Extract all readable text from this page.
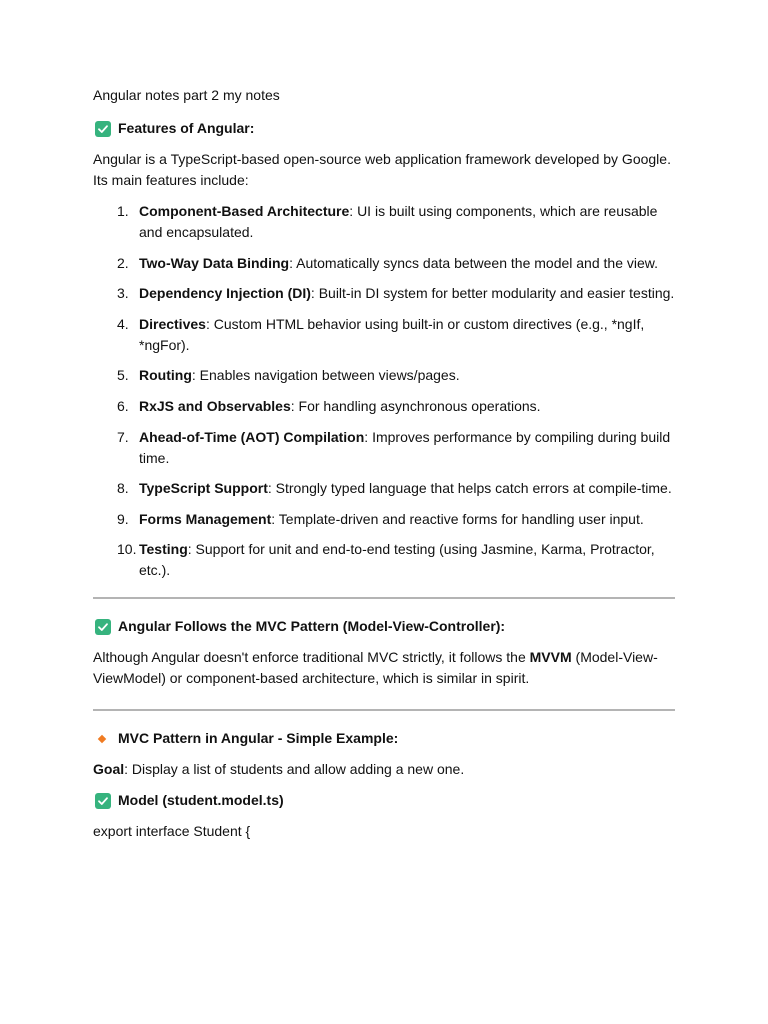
Angular notes part 2 my notes

Features of Angular:

Angular is a TypeScript-based open-source web application framework developed by Google. Its main features include:

1. Component-Based Architecture: UI is built using components, which are reusable and encapsulated.
2. Two-Way Data Binding: Automatically syncs data between the model and the view.
3. Dependency Injection (DI): Built-in DI system for better modularity and easier testing.
4. Directives: Custom HTML behavior using built-in or custom directives (e.g., *ngIf, *ngFor).
5. Routing: Enables navigation between views/pages.
6. RxJS and Observables: For handling asynchronous operations.
7. Ahead-of-Time (AOT) Compilation: Improves performance by compiling during build time.
8. TypeScript Support: Strongly typed language that helps catch errors at compile-time.
9. Forms Management: Template-driven and reactive forms for handling user input.
10. Testing: Support for unit and end-to-end testing (using Jasmine, Karma, Protractor, etc.).
Angular Follows the MVC Pattern (Model-View-Controller):

Although Angular doesn't enforce traditional MVC strictly, it follows the MVVM (Model-View-ViewModel) or component-based architecture, which is similar in spirit.

MVC Pattern in Angular - Simple Example:

Goal: Display a list of students and allow adding a new one.

Model (student.model.ts)

export interface Student {
